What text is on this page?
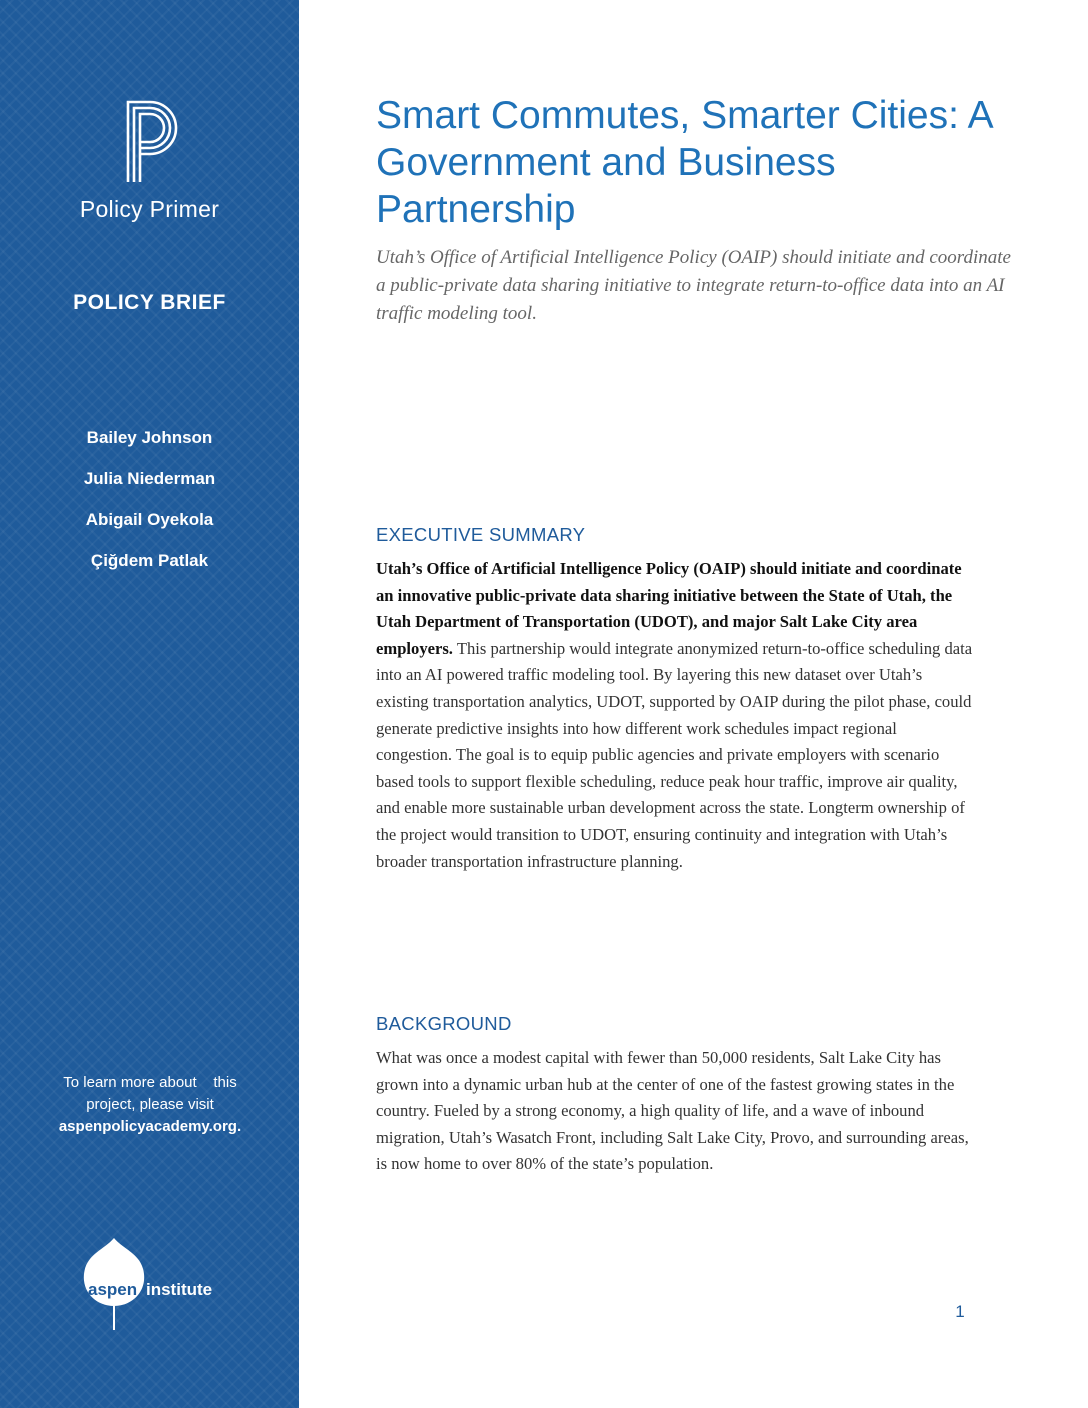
Policy Primer
POLICY BRIEF
Bailey Johnson
Julia Niederman
Abigail Oyekola
Çiğdem Patlak
To learn more about    this
project, please visit
aspenpolicyacademy.org.
aspen institute
Smart Commutes, Smarter Cities: A Government and Business Partnership

Utah’s Office of Artificial Intelligence Policy (OAIP) should initiate and coordinate a public-private data sharing initiative to integrate return-to-office data into an AI traffic modeling tool.

EXECUTIVE SUMMARY

Utah’s Office of Artificial Intelligence Policy (OAIP) should initiate and coordinate an innovative public-private data sharing initiative between the State of Utah, the Utah Department of Transportation (UDOT), and major Salt Lake City area employers. This partnership would integrate anonymized return-to-office scheduling data into an AI powered traffic modeling tool. By layering this new dataset over Utah’s existing transportation analytics, UDOT, supported by OAIP during the pilot phase, could generate predictive insights into how different work schedules impact regional congestion. The goal is to equip public agencies and private employers with scenario based tools to support flexible scheduling, reduce peak hour traffic, improve air quality, and enable more sustainable urban development across the state. Longterm ownership of the project would transition to UDOT, ensuring continuity and integration with Utah’s broader transportation infrastructure planning.

BACKGROUND

What was once a modest capital with fewer than 50,000 residents, Salt Lake City has grown into a dynamic urban hub at the center of one of the fastest growing states in the country. Fueled by a strong economy, a high quality of life, and a wave of inbound migration, Utah’s Wasatch Front, including Salt Lake City, Provo, and surrounding areas, is now home to over 80% of the state’s population.

1
